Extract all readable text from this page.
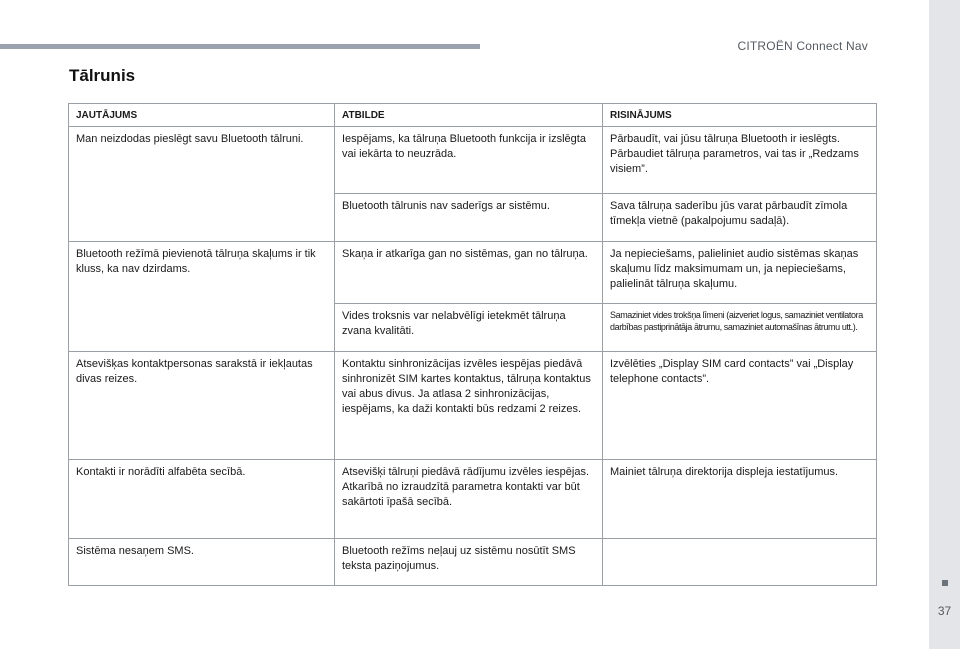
CITROËN Connect Nav
37
Tālrunis
JAUTĀJUMS	ATBILDE	RISINĀJUMS
Man neizdodas pieslēgt savu Bluetooth tālruni.	Iespējams, ka tālruņa Bluetooth funkcija ir izslēgta vai iekārta to neuzrāda.	Pārbaudīt, vai jūsu tālruņa Bluetooth ir ieslēgts. Pārbaudiet tālruņa parametros, vai tas ir „Redzams visiem”.
	Bluetooth tālrunis nav saderīgs ar sistēmu.	Sava tālruņa saderību jūs varat pārbaudīt zīmola tīmekļa vietnē (pakalpojumu sadaļā).
Bluetooth režīmā pievienotā tālruņa skaļums ir tik kluss, ka nav dzirdams.	Skaņa ir atkarīga gan no sistēmas, gan no tālruņa.	Ja nepieciešams, palieliniet audio sistēmas skaņas skaļumu līdz maksimumam un, ja nepieciešams, palielināt tālruņa skaļumu.
	Vides troksnis var nelabvēlīgi ietekmēt tālruņa zvana kvalitāti.	Samaziniet vides trokšņa līmeni (aizveriet logus, samaziniet ventilatora darbības pastiprinātāja ātrumu, samaziniet automašīnas ātrumu utt.).
Atsevišķas kontaktpersonas sarakstā ir iekļautas divas reizes.	Kontaktu sinhronizācijas izvēles iespējas piedāvā sinhronizēt SIM kartes kontaktus, tālruņa kontaktus vai abus divus. Ja atlasa 2 sinhronizācijas, iespējams, ka daži kontakti būs redzami 2 reizes.	Izvēlēties „Display SIM card contacts” vai „Display telephone contacts”.
Kontakti ir norādīti alfabēta secībā.	Atsevišķi tālruņi piedāvā rādījumu izvēles iespējas. Atkarībā no izraudzītā parametra kontakti var būt sakārtoti īpašā secībā.	Mainiet tālruņa direktorija displeja iestatījumus.
Sistēma nesaņem SMS.	Bluetooth režīms neļauj uz sistēmu nosūtīt SMS teksta paziņojumus.	
